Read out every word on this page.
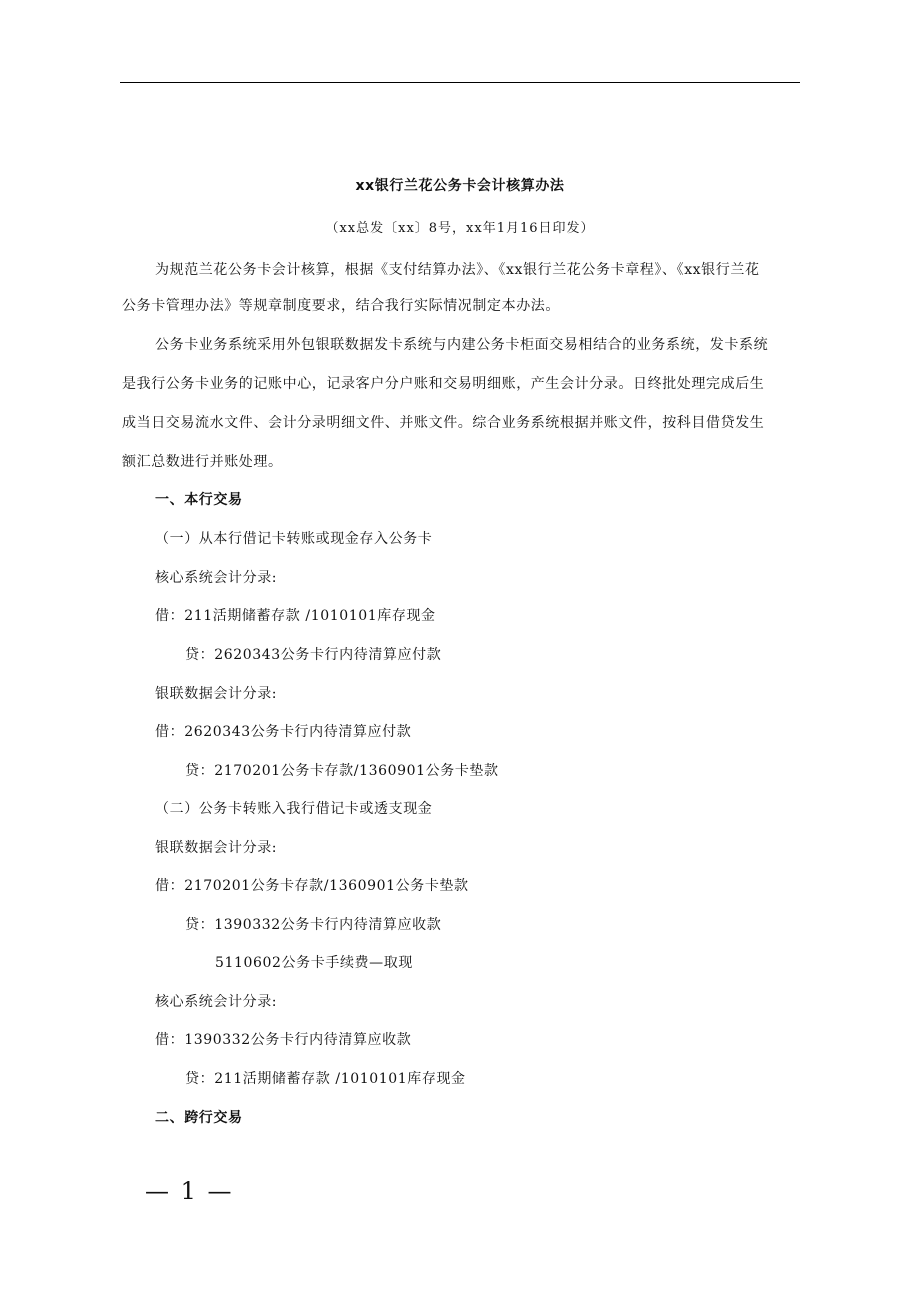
xx银行兰花公务卡会计核算办法
（xx总发〔xx〕8号，xx年1月16日印发）
为规范兰花公务卡会计核算，根据《支付结算办法》、《xx银行兰花公务卡章程》、《xx银行兰花
公务卡管理办法》等规章制度要求，结合我行实际情况制定本办法。
公务卡业务系统采用外包银联数据发卡系统与内建公务卡柜面交易相结合的业务系统，发卡系统
是我行公务卡业务的记账中心，记录客户分户账和交易明细账，产生会计分录。日终批处理完成后生
成当日交易流水文件、会计分录明细文件、并账文件。综合业务系统根据并账文件，按科目借贷发生
额汇总数进行并账处理。
一、本行交易
（一）从本行借记卡转账或现金存入公务卡
核心系统会计分录:
借：211活期储蓄存款 /1010101库存现金
贷：2620343公务卡行内待清算应付款
银联数据会计分录:
借：2620343公务卡行内待清算应付款
贷：2170201公务卡存款/1360901公务卡垫款
（二）公务卡转账入我行借记卡或透支现金
银联数据会计分录:
借：2170201公务卡存款/1360901公务卡垫款
贷：1390332公务卡行内待清算应收款
5110602公务卡手续费—取现
核心系统会计分录:
借：1390332公务卡行内待清算应收款
贷：211活期储蓄存款 /1010101库存现金
二、跨行交易
— 1 —
